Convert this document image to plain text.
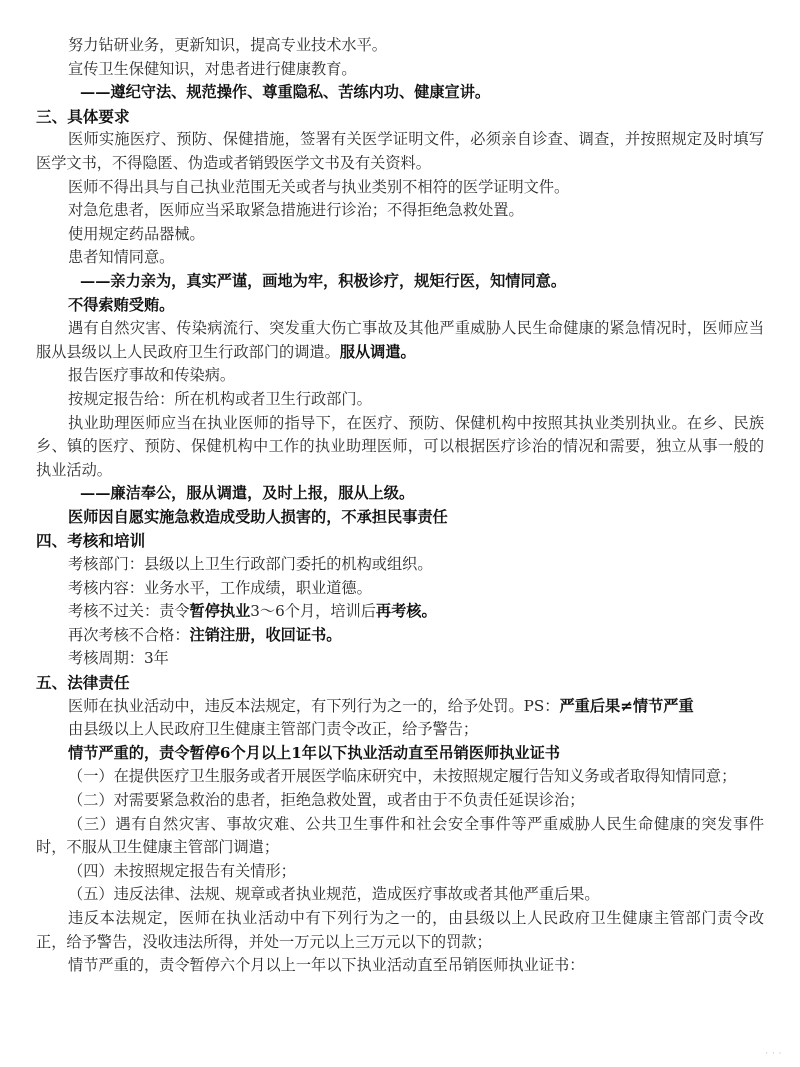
努力钻研业务，更新知识，提高专业技术水平。
宣传卫生保健知识，对患者进行健康教育。
——遵纪守法、规范操作、尊重隐私、苦练内功、健康宣讲。
三、具体要求
医师实施医疗、预防、保健措施，签署有关医学证明文件，必须亲自诊查、调查，并按照规定及时填写医学文书，不得隐匿、伪造或者销毁医学文书及有关资料。
医师不得出具与自己执业范围无关或者与执业类别不相符的医学证明文件。
对急危患者，医师应当采取紧急措施进行诊治；不得拒绝急救处置。
使用规定药品器械。
患者知情同意。
——亲力亲为，真实严谨，画地为牢，积极诊疗，规矩行医，知情同意。
不得索贿受贿。
遇有自然灾害、传染病流行、突发重大伤亡事故及其他严重威胁人民生命健康的紧急情况时，医师应当服从县级以上人民政府卫生行政部门的调遣。服从调遣。
报告医疗事故和传染病。
按规定报告给：所在机构或者卫生行政部门。
执业助理医师应当在执业医师的指导下，在医疗、预防、保健机构中按照其执业类别执业。在乡、民族乡、镇的医疗、预防、保健机构中工作的执业助理医师，可以根据医疗诊治的情况和需要，独立从事一般的执业活动。
——廉洁奉公，服从调遣，及时上报，服从上级。
医师因自愿实施急救造成受助人损害的，不承担民事责任
四、考核和培训
考核部门：县级以上卫生行政部门委托的机构或组织。
考核内容：业务水平，工作成绩，职业道德。
考核不过关：责令暂停执业3～6个月，培训后再考核。
再次考核不合格：注销注册，收回证书。
考核周期：3年
五、法律责任
医师在执业活动中，违反本法规定，有下列行为之一的，给予处罚。PS：严重后果≠情节严重
由县级以上人民政府卫生健康主管部门责令改正，给予警告；
情节严重的，责令暂停6个月以上1年以下执业活动直至吊销医师执业证书
（一）在提供医疗卫生服务或者开展医学临床研究中，未按照规定履行告知义务或者取得知情同意；
（二）对需要紧急救治的患者，拒绝急救处置，或者由于不负责任延误诊治；
（三）遇有自然灾害、事故灾难、公共卫生事件和社会安全事件等严重威胁人民生命健康的突发事件时，不服从卫生健康主管部门调遣；
（四）未按照规定报告有关情形；
（五）违反法律、法规、规章或者执业规范，造成医疗事故或者其他严重后果。
违反本法规定，医师在执业活动中有下列行为之一的，由县级以上人民政府卫生健康主管部门责令改正，给予警告，没收违法所得，并处一万元以上三万元以下的罚款；
情节严重的，责令暂停六个月以上一年以下执业活动直至吊销医师执业证书：
· · ·
